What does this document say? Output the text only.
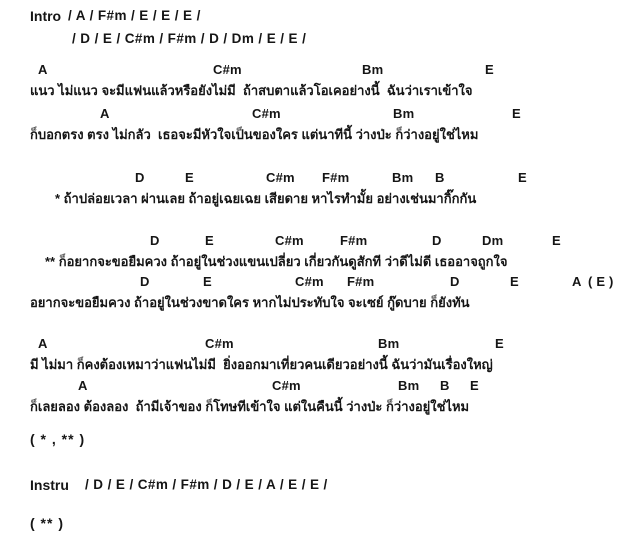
Intro / A / F#m / E / E / E /
/ D / E / C#m / F#m / D / Dm / E / E /
A	C#m	Bm	E
แนว ไม่แนว จะมีแฟนแล้วหรือยังไม่มี  ถ้าสบตาแล้วโอเคอย่างนี้  ฉันว่าเราเข้าใจ
A	C#m	Bm	E
ก็บอกตรง ตรง ไม่กลัว  เธอจะมีหัวใจเป็นของใคร แต่นาทีนี้ ว่างป่ะ ก็ว่างอยู่ใช่ไหม
D	E	C#m F#m	Bm B	E
* ถ้าปล่อยเวลา ผ่านเลย ถ้าอยู่เฉยเฉย เสียดาย หาไรทำมั้ย อย่างเช่นมากิ๊กกัน
D	E	C#m	F#m	D	Dm	E
** ก็อยากจะขอยืมควง ถ้าอยู่ในช่วงแขนเปลี่ยว เกี่ยวกันดูสักที ว่าดีไม่ดี เธออาจถูกใจ
D	E	C#m F#m	D	E	A ( E )
อยากจะขอยืมควง ถ้าอยู่ในช่วงขาดใคร หากไม่ประทับใจ จะเซย์ กู๊ดบาย ก็ยังทัน
A	C#m	Bm	E
มี ไม่มา ก็คงต้องเหมาว่าแฟนไม่มี  ยิ่งออกมาเที่ยวคนเดียวอย่างนี้ ฉันว่ามันเรื่องใหญ่
A	C#m	Bm B E
ก็เลยลอง ต้องลอง  ถ้ามีเจ้าของ ก็โทษทีเข้าใจ แต่ในคืนนี้ ว่างป่ะ ก็ว่างอยู่ใช่ไหม
( * , ** )
Instru / D / E / C#m / F#m / D / E / A / E / E /
( ** )
